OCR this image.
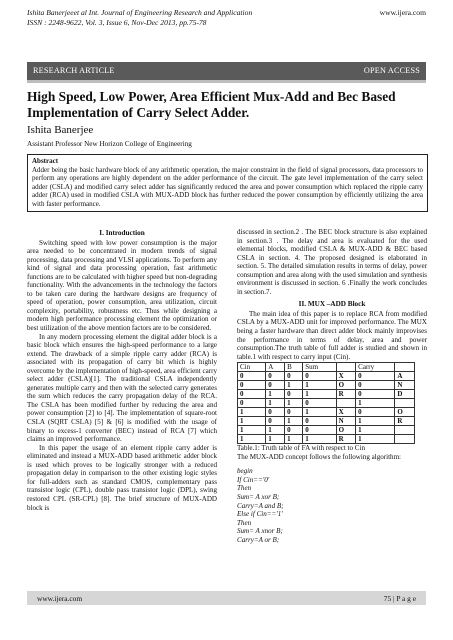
Ishita Banerjeeet al Int. Journal of Engineering Research and Application
ISSN : 2248-9622, Vol. 3, Issue 6, Nov-Dec 2013, pp.75-78
www.ijera.com
RESEARCH ARTICLE	OPEN ACCESS
High Speed, Low Power, Area Efficient Mux-Add and Bec Based Implementation of Carry Select Adder.
Ishita Banerjee
Assistant Professor New Horizon College of Engineering
Abstract
Adder being the basic hardware block of any arithmetic operation, the major constraint in the field of signal processors, data processors to perform any operations are highly dependent on the adder performance of the circuit. The gate level implementation of the carry select adder (CSLA) and modified carry select adder has significantly reduced the area and power consumption which replaced the ripple carry adder (RCA) used in modified CSLA with MUX-ADD block has further reduced the power consumption by efficiently utilizing the area with faster performance.
I. Introduction

Switching speed with low power consumption is the major area needed to be concentrated in modern trends of signal processing, data processing and VLSI applications. To perform any kind of signal and data processing operation, fast arithmetic functions are to be calculated with higher speed but non-degrading functionality. With the advancements in the technology the factors to be taken care during the hardware designs are frequency of speed of operation, power consumption, area utilization, circuit complexity, portability, robustness etc. Thus while designing a modern high performance processing element the optimization or best utilization of the above mention factors are to be considered.

In any modern processing element the digital adder block is a basic block which ensures the high-speed performance to a large extend. The drawback of a simple ripple carry adder (RCA) is associated with its propagation of carry bit which is highly overcome by the implementation of high-speed, area efficient carry select adder (CSLA)[1]. The traditional CSLA independently generates multiple carry and then with the selected carry generates the sum which reduces the carry propagation delay of the RCA. The CSLA has been modified further by reducing the area and power consumption [2] to [4]. The implementation of square-root CSLA (SQRT CSLA) [5] & [6] is modified with the usage of binary to excess-1 converter (BEC) instead of RCA [7] which claims an improved performance.

In this paper the usage of an element ripple carry adder is eliminated and instead a MUX-ADD based arithmetic adder block is used which proves to be logically stronger with a reduced propagation delay in comparison to the other existing logic styles for full-adders such as standard CMOS, complementary pass transistor logic (CPL), double pass transistor logic (DPL), swing restored CPL (SR-CPL) [8]. The brief structure of MUX-ADD block is

discussed in section.2 . The BEC block structure is also explained in section.3 . The delay and area is evaluated for the used elemental blocks, modified CSLA & MUX-ADD & BEC based CSLA in section. 4. The proposed designed is elaborated in section. 5. The detailed simulation results in terms of delay, power consumption and area along with the used simulation and synthesis environment is discussed in section. 6 .Finally the work concludes in section.7.

II. MUX –ADD Block

The main idea of this paper is to replace RCA from modified CSLA by a MUX-ADD unit for improved performance. The MUX being a faster hardware than direct adder block mainly improvises the performance in terms of delay, area and power consumption.The truth table of full adder is studied and shown in table.1 with respect to carry input (Cin).

Cin	A	B	Sum		Carry	
0	0	0	0	X	0	A
0	0	1	1	O	0	N
0	1	0	1	R	0	D
0	1	1	0		1	
1	0	0	1	X	0	O
1	0	1	0	N	1	R
1	1	0	0	O	1	
1	1	1	1	R	1	

Table.1: Truth table of FA with respect to Cin

The MUX-ADD concept follows the following algorithm:

begin
If Cin=='0'
Then
Sum= A xor B;
Carry=A and B;
Else if Cin=='1'
Then
Sum= A xnor B;
Carry=A or B;
www.ijera.com	75 | P a g e
